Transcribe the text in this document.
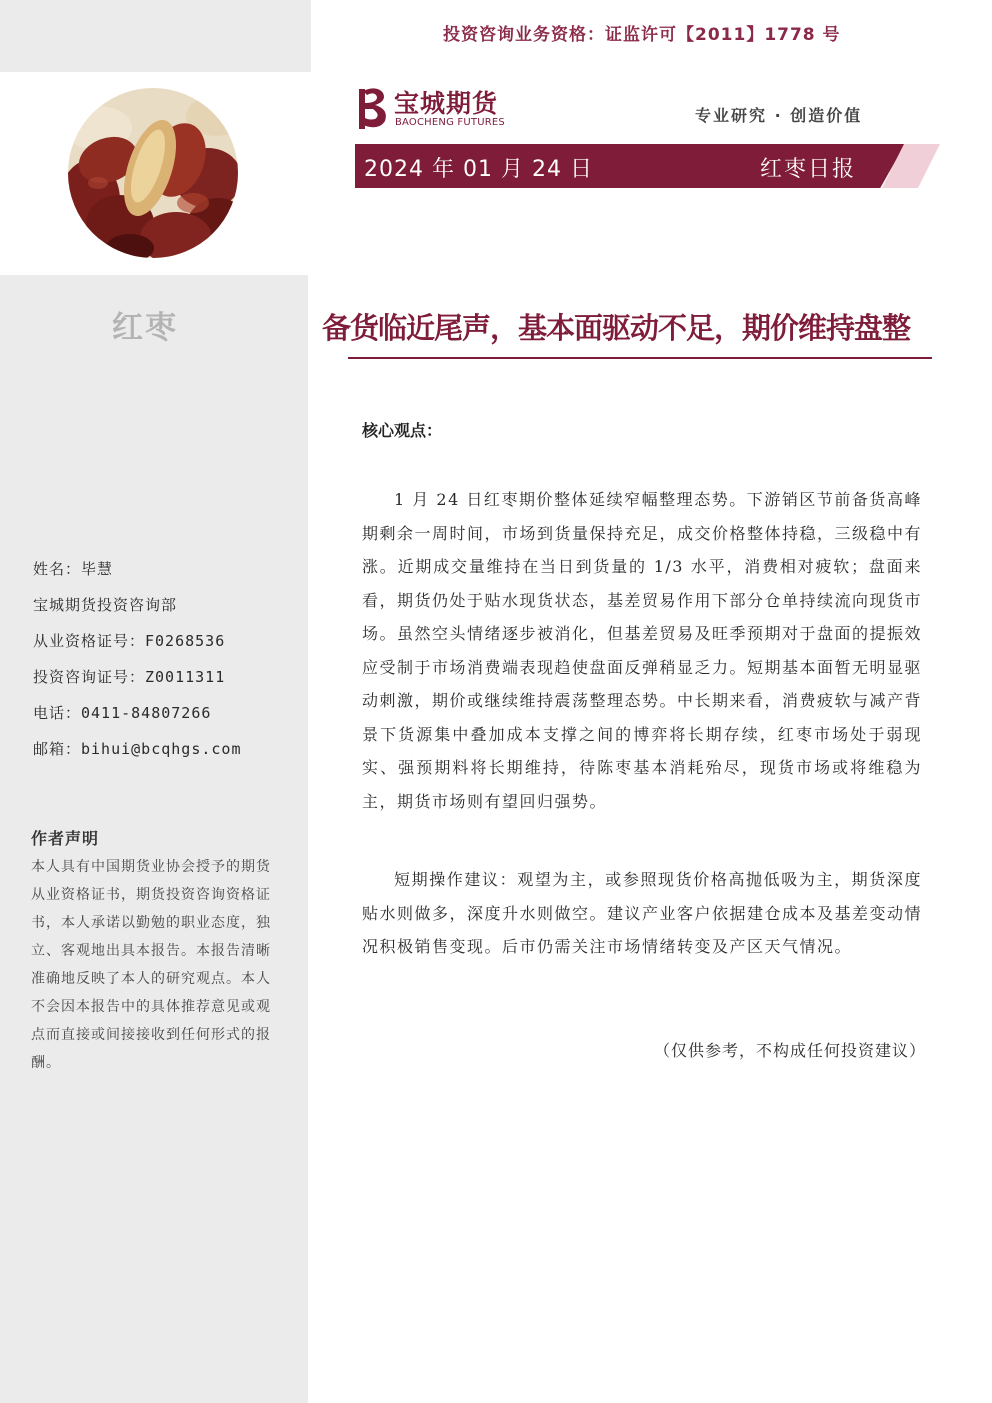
红枣
姓名：毕慧
宝城期货投资咨询部
从业资格证号：F0268536
投资咨询证号：Z0011311
电话：0411-84807266
邮箱：bihui@bcqhgs.com
作者声明
本人具有中国期货业协会授予的期货从业资格证书，期货投资咨询资格证书，本人承诺以勤勉的职业态度，独立、客观地出具本报告。本报告清晰准确地反映了本人的研究观点。本人不会因本报告中的具体推荐意见或观点而直接或间接接收到任何形式的报酬。
投资咨询业务资格：证监许可【2011】1778 号
宝城期货
BAOCHENG FUTURES	专业研究 · 创造价值
2024 年 01 月 24 日	红枣日报
备货临近尾声，基本面驱动不足，期价维持盘整
核心观点：

1 月 24 日红枣期价整体延续窄幅整理态势。下游销区节前备货高峰期剩余一周时间，市场到货量保持充足，成交价格整体持稳，三级稳中有涨。近期成交量维持在当日到货量的 1/3 水平，消费相对疲软；盘面来看，期货仍处于贴水现货状态，基差贸易作用下部分仓单持续流向现货市场。虽然空头情绪逐步被消化，但基差贸易及旺季预期对于盘面的提振效应受制于市场消费端表现趋使盘面反弹稍显乏力。短期基本面暂无明显驱动刺激，期价或继续维持震荡整理态势。中长期来看，消费疲软与减产背景下货源集中叠加成本支撑之间的博弈将长期存续，红枣市场处于弱现实、强预期料将长期维持，待陈枣基本消耗殆尽，现货市场或将维稳为主，期货市场则有望回归强势。

短期操作建议：观望为主，或参照现货价格高抛低吸为主，期货深度贴水则做多，深度升水则做空。建议产业客户依据建仓成本及基差变动情况积极销售变现。后市仍需关注市场情绪转变及产区天气情况。

（仅供参考，不构成任何投资建议）
